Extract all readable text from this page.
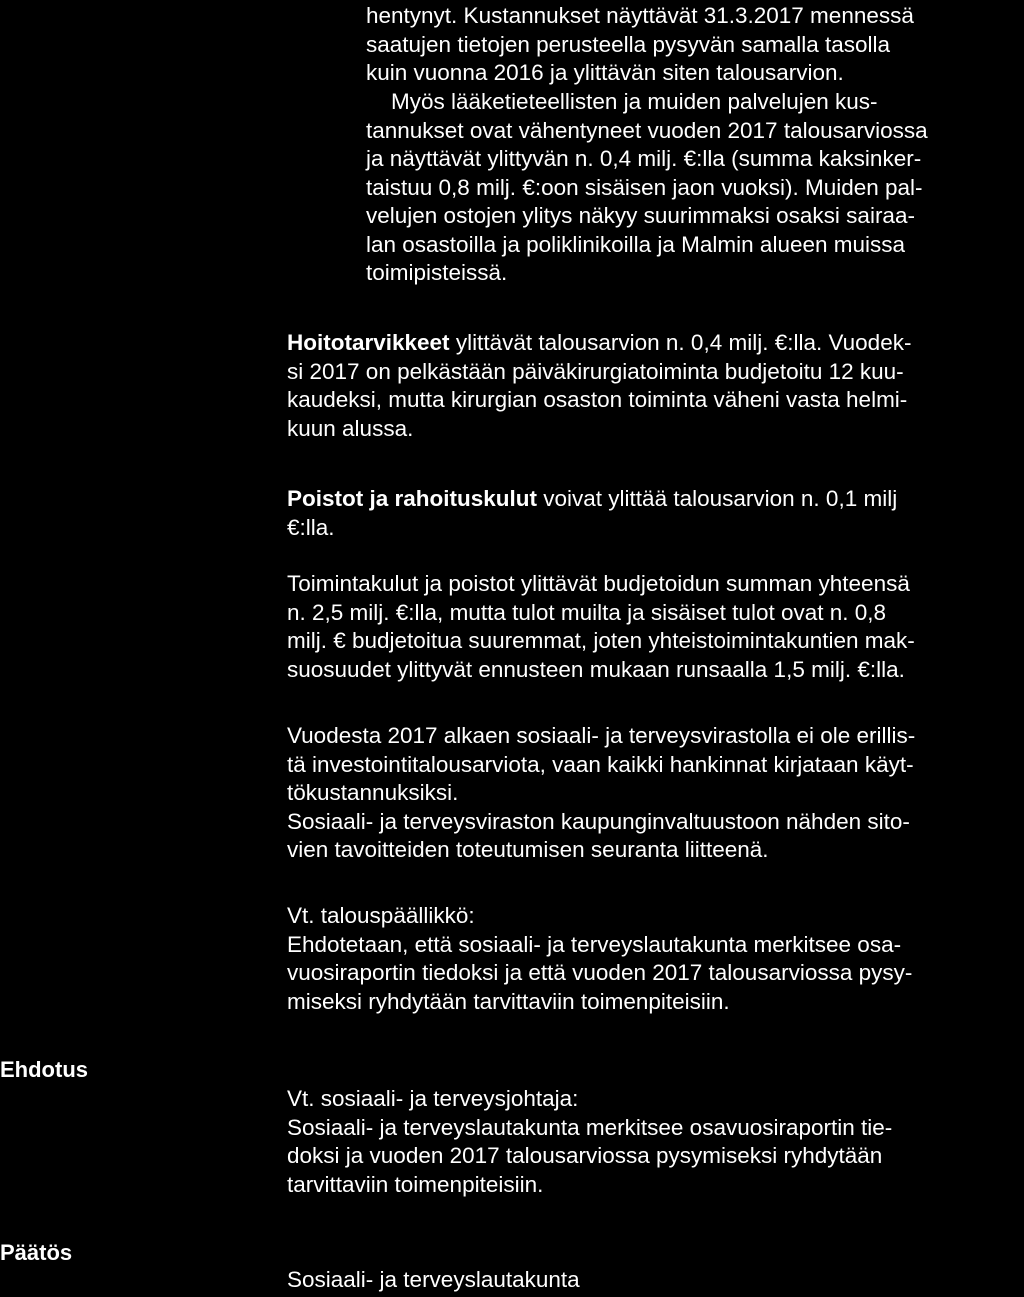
hentynyt. Kustannukset näyttävät 31.3.2017 mennessä
saatujen tietojen perusteella pysyvän samalla tasolla
kuin vuonna 2016 ja ylittävän siten talousarvion.

Myös lääketieteellisten ja muiden palvelujen kus-
tannukset ovat vähentyneet vuoden 2017 talousarviossa
ja näyttävät ylittyvän n. 0,4 milj. €:lla (summa kaksinker-
taistuu 0,8 milj. €:oon sisäisen jaon vuoksi). Muiden pal-
velujen ostojen ylitys näkyy suurimmaksi osaksi sairaa-
lan osastoilla ja poliklinikoilla ja Malmin alueen muissa
toimipisteissä.

Hoitotarvikkeet ylittävät talousarvion n. 0,4 milj. €:lla. Vuodek-
si 2017 on pelkästään päiväkirurgiatoiminta budjetoitu 12 kuu-
kaudeksi, mutta kirurgian osaston toiminta väheni vasta helmi-
kuun alussa.

Poistot ja rahoituskulut voivat ylittää talousarvion n. 0,1 milj
€:lla.

Toimintakulut ja poistot ylittävät budjetoidun summan yhteensä
n. 2,5 milj. €:lla, mutta tulot muilta ja sisäiset tulot ovat n. 0,8
milj. € budjetoitua suuremmat, joten yhteistoimintakuntien mak-
suosuudet ylittyvät ennusteen mukaan runsaalla 1,5 milj. €:lla.

Vuodesta 2017 alkaen sosiaali- ja terveysvirastolla ei ole erillis-
tä investointitalousarviota, vaan kaikki hankinnat kirjataan käyt-
tökustannuksiksi.
Sosiaali- ja terveysviraston kaupunginvaltuustoon nähden sito-
vien tavoitteiden toteutumisen seuranta liitteenä.

Vt. talouspäällikkö:
Ehdotetaan, että sosiaali- ja terveyslautakunta merkitsee osa-
vuosiraportin tiedoksi ja että vuoden 2017 talousarviossa pysy-
miseksi ryhdytään tarvittaviin toimenpiteisiin.

Ehdotus

Vt. sosiaali- ja terveysjohtaja:
Sosiaali- ja terveyslautakunta merkitsee osavuosiraportin tie-
doksi ja vuoden 2017 talousarviossa pysymiseksi ryhdytään
tarvittaviin toimenpiteisiin.

Päätös

Sosiaali- ja terveyslautakunta
